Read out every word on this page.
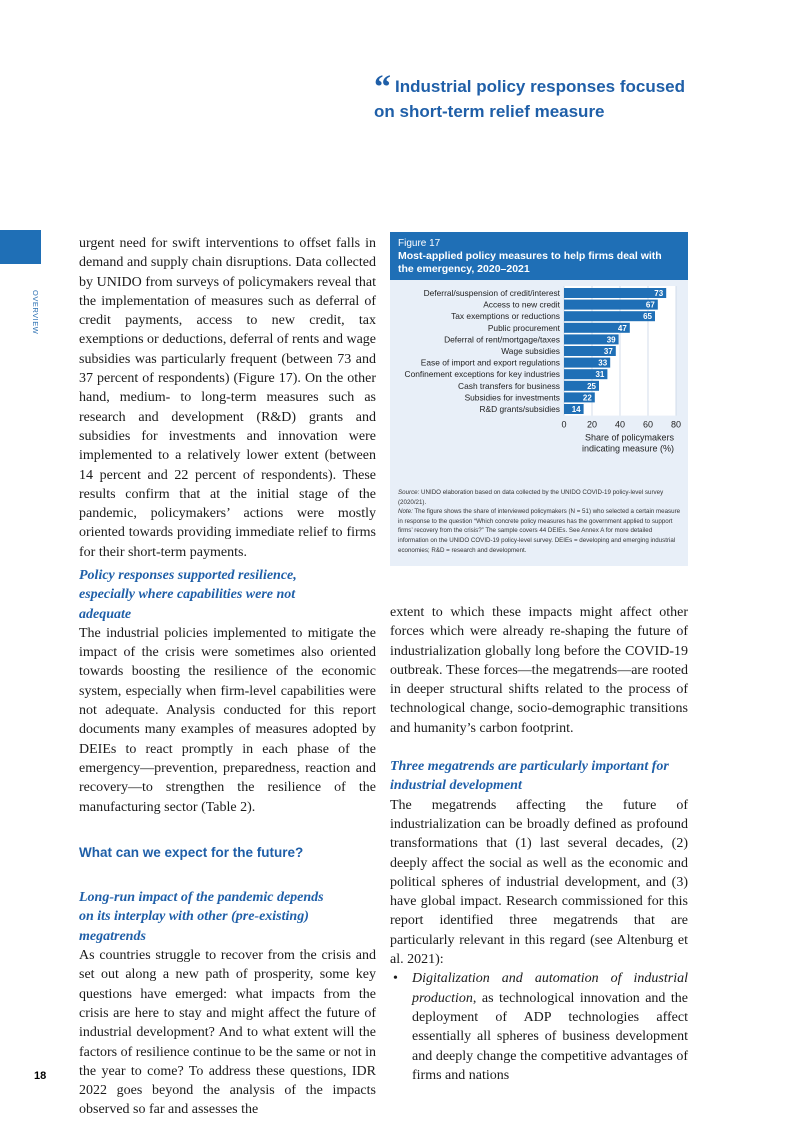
“ Industrial policy responses focused on short-term relief measure
OVERVIEW

urgent need for swift interventions to offset falls in demand and supply chain disruptions. Data collected by UNIDO from surveys of policymakers reveal that the implementation of measures such as deferral of credit payments, access to new credit, tax exemptions or deductions, deferral of rents and wage subsidies was particularly frequent (between 73 and 37 percent of respondents) (Figure 17). On the other hand, medium- to long-term measures such as research and development (R&D) grants and subsidies for investments and innovation were implemented to a relatively lower extent (between 14 percent and 22 percent of respondents). These results confirm that at the initial stage of the pandemic, policymakers’ actions were mostly oriented towards providing immediate relief to firms for their short-term payments.

Policy responses supported resilience, especially where capabilities were not adequate

The industrial policies implemented to mitigate the impact of the crisis were sometimes also oriented towards boosting the resilience of the economic system, especially when firm-level capabilities were not adequate. Analysis conducted for this report documents many examples of measures adopted by DEIEs to react promptly in each phase of the emergency—prevention, preparedness, reaction and recovery—to strengthen the resilience of the manufacturing sector (Table 2).

What can we expect for the future?

Long-run impact of the pandemic depends on its interplay with other (pre-existing) megatrends

As countries struggle to recover from the crisis and set out along a new path of prosperity, some key questions have emerged: what impacts from the crisis are here to stay and might affect the future of industrial development? And to what extent will the factors of resilience continue to be the same or not in the year to come? To address these questions, IDR 2022 goes beyond the analysis of the impacts observed so far and assesses the

extent to which these impacts might affect other forces which were already re-shaping the future of industrialization globally long before the COVID-19 outbreak. These forces—the megatrends—are rooted in deeper structural shifts related to the process of technological change, socio-demographic transitions and humanity’s carbon footprint.

Three megatrends are particularly important for industrial development

The megatrends affecting the future of industrialization can be broadly defined as profound transformations that (1) last several decades, (2) deeply affect the social as well as the economic and political spheres of industrial development, and (3) have global impact. Research commissioned for this report identified three megatrends that are particularly relevant in this regard (see Altenburg et al. 2021):

• Digitalization and automation of industrial production, as technological innovation and the deployment of ADP technologies affect essentially all spheres of business development and deeply change the competitive advantages of firms and nations
Figure 17
Most-applied policy measures to help firms deal with the emergency, 2020–2021
0 20 40 60 80
Deferral/suspension of credit/interest	73
Access to new credit	67
Tax exemptions or reductions	65
Public procurement	47
Deferral of rent/mortgage/taxes	39
Wage subsidies	37
Ease of import and export regulations	33
Confinement exceptions for key industries	31
Cash transfers for business	25
Subsidies for investments	22
R&D grants/subsidies 14
Share of policymakers
indicating measure (%)

Source: UNIDO elaboration based on data collected by the UNIDO COVID-19 policy-level survey (2020/21).

Note: The figure shows the share of interviewed policymakers (N = 51) who selected a certain measure in response to the question “Which concrete policy measures has the government applied to support firms’ recovery from the crisis?” The sample covers 44 DEIEs. See Annex A for more detailed information on the UNIDO COVID-19 policy-level survey. DEIEs = developing and emerging industrial economies; R&D = research and development.

18
